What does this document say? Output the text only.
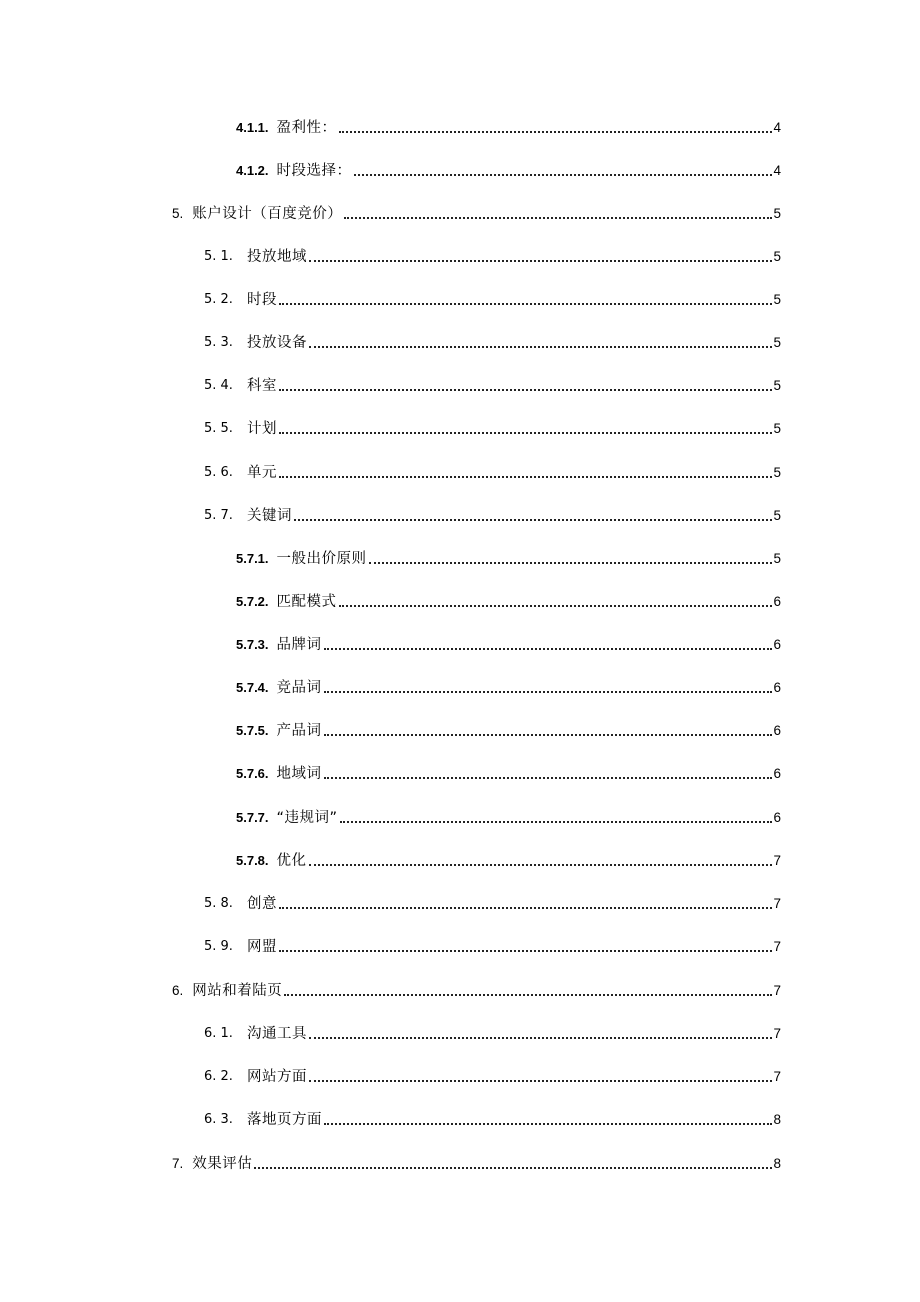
4.1.1. 盈利性：	4
4.1.2. 时段选择：	4
5. 账户设计（百度竞价）	5
5. 1. 投放地域	5
5. 2. 时段	5
5. 3. 投放设备	5
5. 4. 科室	5
5. 5. 计划	5
5. 6. 单元	5
5. 7. 关键词	5
5.7.1. 一般出价原则	5
5.7.2. 匹配模式	6
5.7.3. 品牌词	6
5.7.4. 竞品词	6
5.7.5. 产品词	6
5.7.6. 地域词	6
5.7.7. “违规词”	6
5.7.8. 优化	7
5. 8. 创意	7
5. 9. 网盟	7
6. 网站和着陆页	7
6. 1. 沟通工具	7
6. 2. 网站方面	7
6. 3. 落地页方面	8
7. 效果评估	8
